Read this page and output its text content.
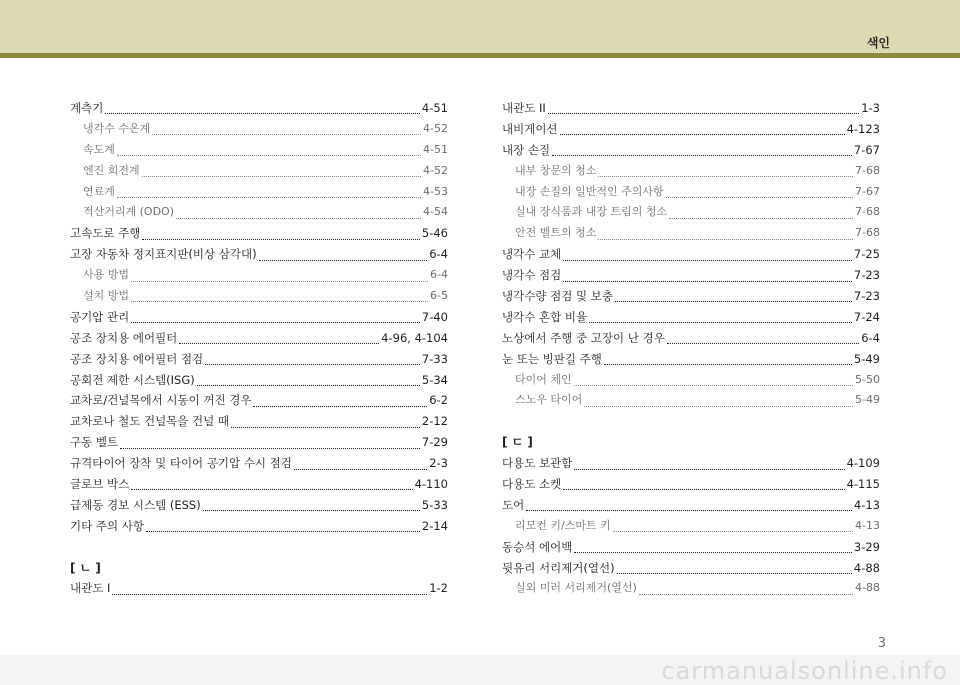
색인
계측기	4-51
냉각수 수온계	4-52
속도계	4-51
엔진 회전계	4-52
연료계	4-53
적산거리계 (ODO)	4-54
고속도로 주행	5-46
고장 자동차 정지표지판(비상 삼각대)	6-4
사용 방법	6-4
설치 방법	6-5
공기압 관리	7-40
공조 장치용 에어필터	4-96, 4-104
공조 장치용 에어필터 점검	7-33
공회전 제한 시스템(ISG)	5-34
교차로/건널목에서 시동이 꺼진 경우	6-2
교차로나 철도 건널목을 건널 때	2-12
구동 벨트	7-29
규격타이어 장착 및 타이어 공기압 수시 점검	2-3
글로브 박스	4-110
급제동 경보 시스템 (ESS)	5-33
기타 주의 사항	2-14
[ ㄴ ]
내관도 I	1-2
내관도 II	1-3
내비게이션	4-123
내장 손질	7-67
내부 창문의 청소	7-68
내장 손질의 일반적인 주의사항	7-67
실내 장식품과 내장 트림의 청소	7-68
안전 벨트의 청소	7-68
냉각수 교체	7-25
냉각수 점검	7-23
냉각수량 점검 및 보충	7-23
냉각수 혼합 비율	7-24
노상에서 주행 중 고장이 난 경우	6-4
눈 또는 빙판길 주행	5-49
타이어 체인	5-50
스노우 타이어	5-49
[ ㄷ ]
다용도 보관함	4-109
다용도 소켓	4-115
도어	4-13
리모컨 키/스마트 키	4-13
동승석 에어백	3-29
뒷유리 서리제거(열선)	4-88
실외 미러 서리제거(열선)	4-88
3
carmanualsonline.info
